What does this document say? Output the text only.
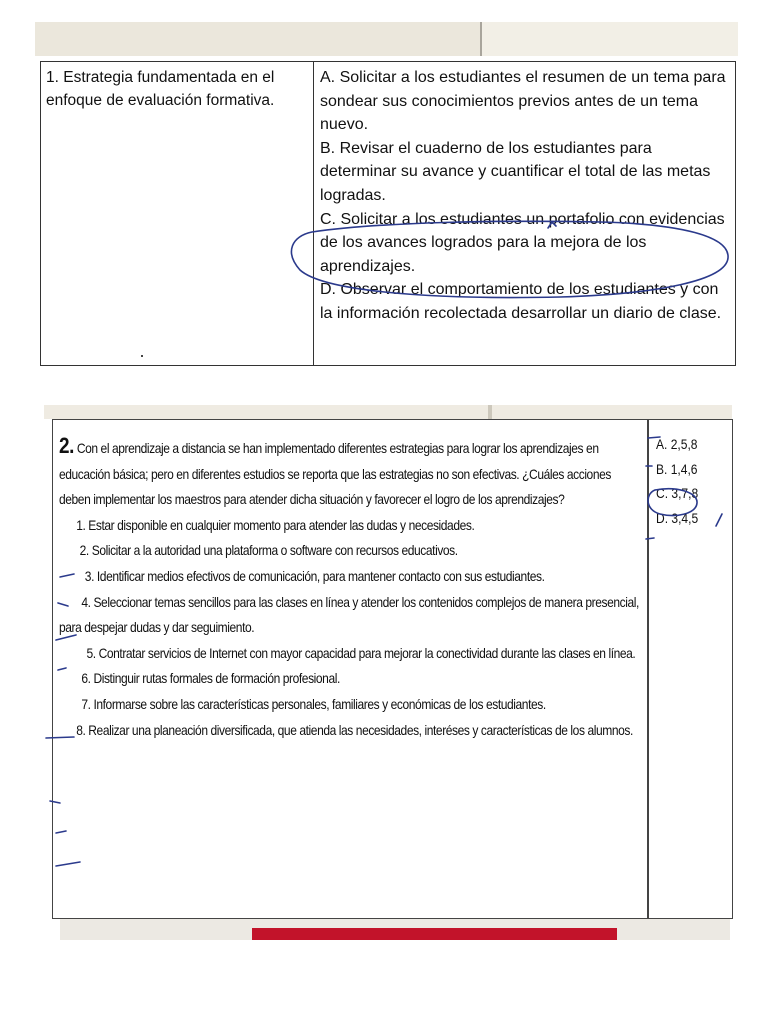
1. Estrategia fundamentada en el enfoque de evaluación formativa.
A. Solicitar a los estudiantes el resumen de un tema para sondear sus conocimientos previos antes de un tema nuevo.
B. Revisar el cuaderno de los estudiantes para determinar su avance y cuantificar el total de las metas logradas.
C. Solicitar a los estudiantes un portafolio con evidencias de los avances logrados para la mejora de los aprendizajes.
D. Observar el comportamiento de los estudiantes y con la información recolectada desarrollar un diario de clase.

2. Con el aprendizaje a distancia se han implementado diferentes estrategias para lograr los aprendizajes en educación básica; pero en diferentes estudios se reporta que las estrategias no son efectivas. ¿Cuáles acciones deben implementar los maestros para atender dicha situación y favorecer el logro de los aprendizajes?

1. Estar disponible en cualquier momento para atender las dudas y necesidades.

2. Solicitar a la autoridad una plataforma o software con recursos educativos.

3. Identificar medios efectivos de comunicación, para mantener contacto con sus estudiantes.

4. Seleccionar temas sencillos para las clases en línea y atender los contenidos complejos de manera presencial, para despejar dudas y dar seguimiento.

5. Contratar servicios de Internet con mayor capacidad para mejorar la conectividad durante las clases en línea.

6. Distinguir rutas formales de formación profesional.

7. Informarse sobre las características personales, familiares y económicas de los estudiantes.

8. Realizar una planeación diversificada, que atienda las necesidades, interéses y características de los alumnos.

A. 2,5,8
B. 1,4,6
C. 3,7,8
D. 3,4,5
